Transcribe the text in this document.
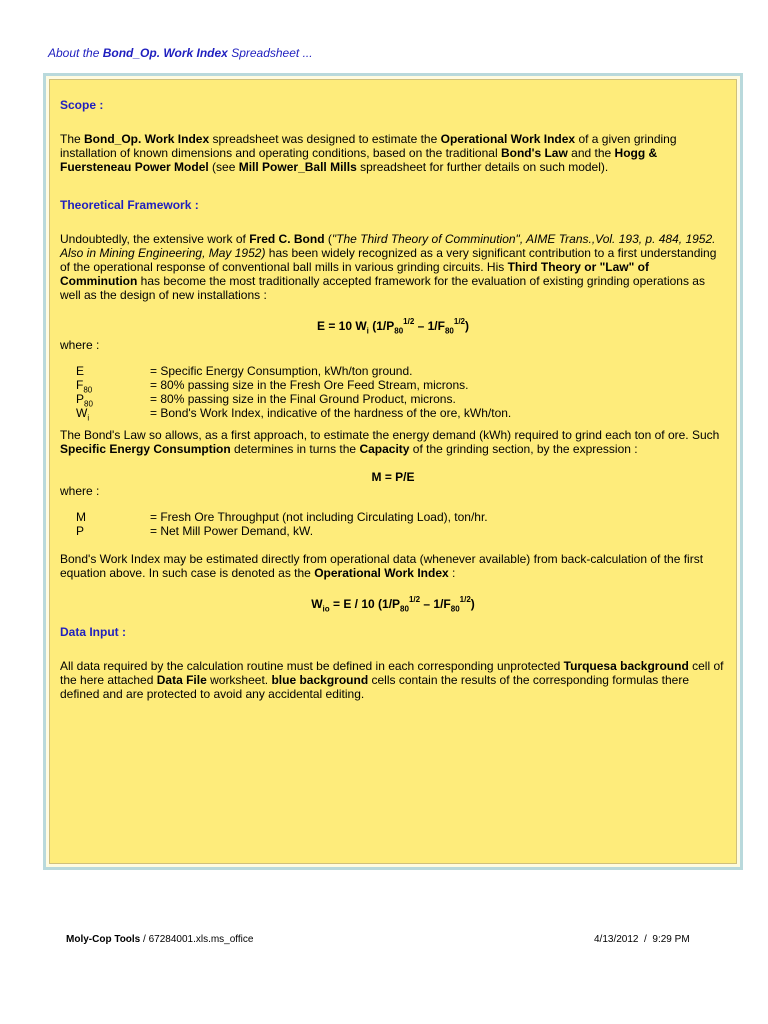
About the Bond_Op. Work Index Spreadsheet ...

Scope :

The Bond_Op. Work Index spreadsheet was designed to estimate the Operational Work Index of a given grinding installation of known dimensions and operating conditions, based on the traditional Bond's Law and the Hogg & Fuersteneau Power Model (see Mill Power_Ball Mills spreadsheet for further details on such model).

Theoretical Framework :

Undoubtedly, the extensive work of Fred C. Bond ("The Third Theory of Comminution", AIME Trans.,Vol. 193, p. 484, 1952. Also in Mining Engineering, May 1952) has been widely recognized as a very significant contribution to a first understanding of the operational response of conventional ball mills in various grinding circuits. His Third Theory or "Law" of Comminution has become the most traditionally accepted framework for the evaluation of existing grinding operations as well as the design of new installations :

E = 10 $W_i$ $(1/P_{80}^{1/2} - 1/F_{80}^{1/2})$

where :

E	= Specific Energy Consumption, kWh/ton ground.
$F_{80}$	= 80% passing size in the Fresh Ore Feed Stream, microns.
$P_{80}$	= 80% passing size in the Final Ground Product, microns.
$W_i$	= Bond's Work Index, indicative of the hardness of the ore, kWh/ton.

The Bond's Law so allows, as a first approach, to estimate the energy demand (kWh) required to grind each ton of ore. Such Specific Energy Consumption determines in turns the Capacity of the grinding section, by the expression :

M = P/E

where :

M	= Fresh Ore Throughput (not including Circulating Load), ton/hr.
P	= Net Mill Power Demand, kW.

Bond's Work Index may be estimated directly from operational data (whenever available) from back-calculation of the first equation above. In such case is denoted as the Operational Work Index :

$W_{io} = E / 10$ $(1/P_{80}^{1/2} - 1/F_{80}^{1/2})$

Data Input :

All data required by the calculation routine must be defined in each corresponding unprotected Turquesa background cell of the here attached Data File worksheet. blue background cells contain the results of the corresponding formulas there defined and are protected to avoid any accidental editing.

Moly-Cop Tools / 67284001.xls.ms_office	4/13/2012  /  9:29 PM
